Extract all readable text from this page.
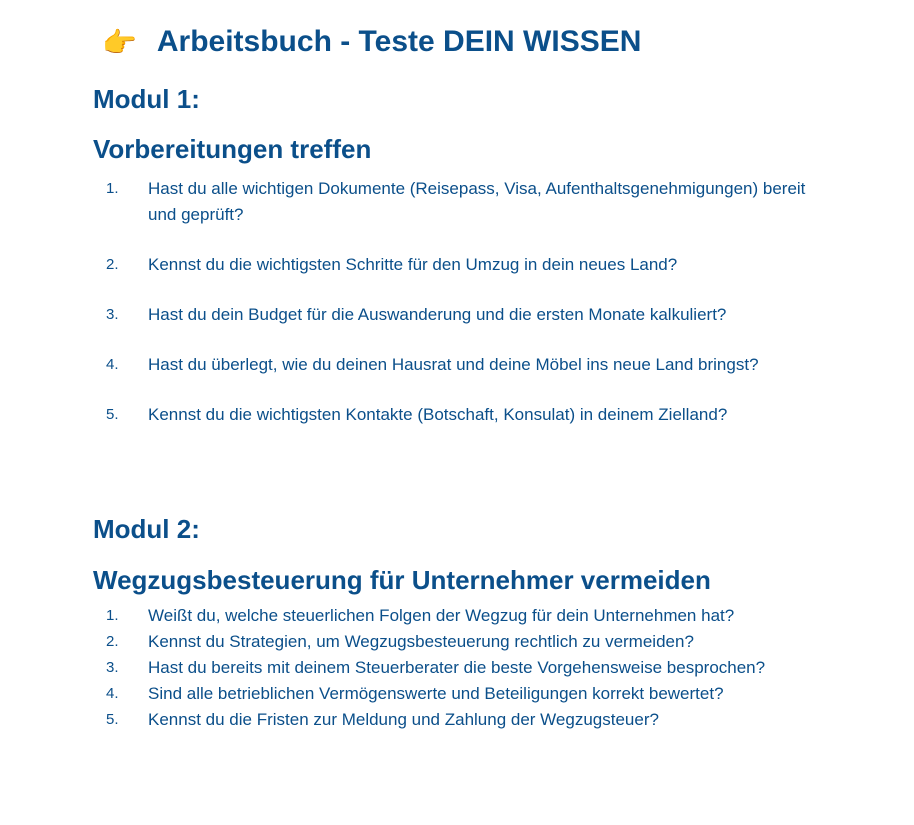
👉 Arbeitsbuch - Teste DEIN WISSEN
Modul 1:
Vorbereitungen treffen
1. Hast du alle wichtigen Dokumente (Reisepass, Visa, Aufenthaltsgenehmigungen) bereit und geprüft?
2. Kennst du die wichtigsten Schritte für den Umzug in dein neues Land?
3. Hast du dein Budget für die Auswanderung und die ersten Monate kalkuliert?
4. Hast du überlegt, wie du deinen Hausrat und deine Möbel ins neue Land bringst?
5. Kennst du die wichtigsten Kontakte (Botschaft, Konsulat) in deinem Zielland?
Modul 2:
Wegzugsbesteuerung für Unternehmer vermeiden
1. Weißt du, welche steuerlichen Folgen der Wegzug für dein Unternehmen hat?
2. Kennst du Strategien, um Wegzugsbesteuerung rechtlich zu vermeiden?
3. Hast du bereits mit deinem Steuerberater die beste Vorgehensweise besprochen?
4. Sind alle betrieblichen Vermögenswerte und Beteiligungen korrekt bewertet?
5. Kennst du die Fristen zur Meldung und Zahlung der Wegzugsteuer?
